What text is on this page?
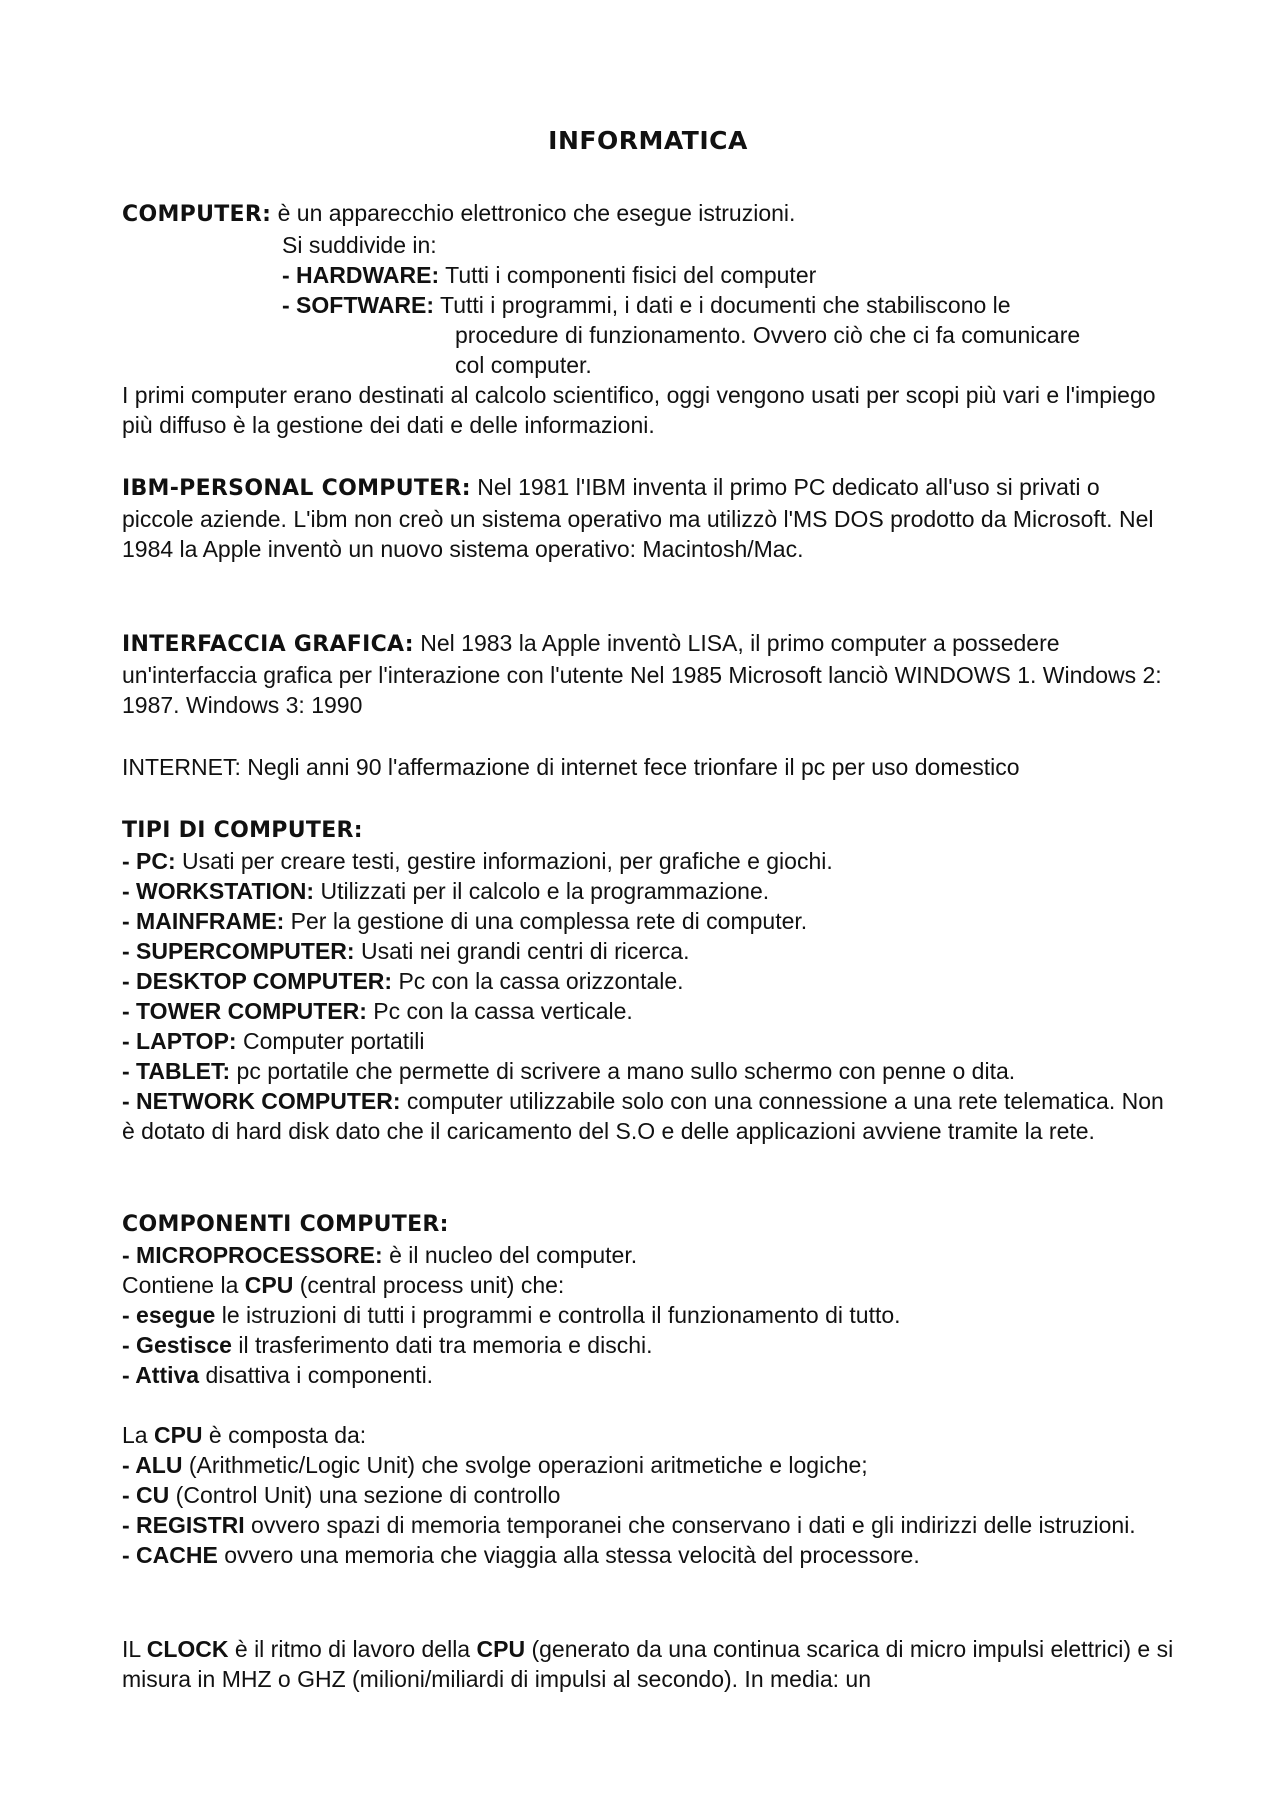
INFORMATICA

COMPUTER: è un apparecchio elettronico che esegue istruzioni.

Si suddivide in:

- HARDWARE: Tutti i componenti fisici del computer

- SOFTWARE: Tutti i programmi, i dati e i documenti che stabiliscono le

procedure di funzionamento. Ovvero ciò che ci fa comunicare

col computer.

I primi computer erano destinati al calcolo scientifico, oggi vengono usati per scopi più vari e l'impiego più diffuso è la gestione dei dati e delle informazioni.

IBM-PERSONAL COMPUTER: Nel 1981 l'IBM inventa il primo PC dedicato all'uso si privati o piccole aziende. L'ibm non creò un sistema operativo ma utilizzò l'MS DOS prodotto da Microsoft. Nel 1984 la Apple inventò un nuovo sistema operativo: Macintosh/Mac.

INTERFACCIA GRAFICA: Nel 1983 la Apple inventò LISA, il primo computer a possedere un'interfaccia grafica per l'interazione con l'utente Nel 1985 Microsoft lanciò WINDOWS 1. Windows 2: 1987. Windows 3: 1990

INTERNET: Negli anni 90 l'affermazione di internet fece trionfare il pc per uso domestico

TIPI DI COMPUTER:

- PC: Usati per creare testi, gestire informazioni, per grafiche e giochi.

- WORKSTATION: Utilizzati per il calcolo e la programmazione.

- MAINFRAME: Per la gestione di una complessa rete di computer.

- SUPERCOMPUTER: Usati nei grandi centri di ricerca.

- DESKTOP COMPUTER: Pc con la cassa orizzontale.

- TOWER COMPUTER: Pc con la cassa verticale.

- LAPTOP: Computer portatili

- TABLET: pc portatile che permette di scrivere a mano sullo schermo con penne o dita.

- NETWORK COMPUTER: computer utilizzabile solo con una connessione a una rete telematica. Non è dotato di hard disk dato che il caricamento del S.O e delle applicazioni avviene tramite la rete.

COMPONENTI COMPUTER:

- MICROPROCESSORE: è il nucleo del computer.

Contiene la CPU (central process unit) che:

- esegue le istruzioni di tutti i programmi e controlla il funzionamento di tutto.

- Gestisce il trasferimento dati tra memoria e dischi.

- Attiva disattiva i componenti.

La CPU è composta da:

- ALU (Arithmetic/Logic Unit) che svolge operazioni aritmetiche e logiche;

- CU (Control Unit) una sezione di controllo

- REGISTRI ovvero spazi di memoria temporanei che conservano i dati e gli indirizzi delle istruzioni.

- CACHE ovvero una memoria che viaggia alla stessa velocità del processore.

IL CLOCK è il ritmo di lavoro della CPU (generato da una continua scarica di micro impulsi elettrici) e si misura in MHZ o GHZ (milioni/miliardi di impulsi al secondo). In media: un
